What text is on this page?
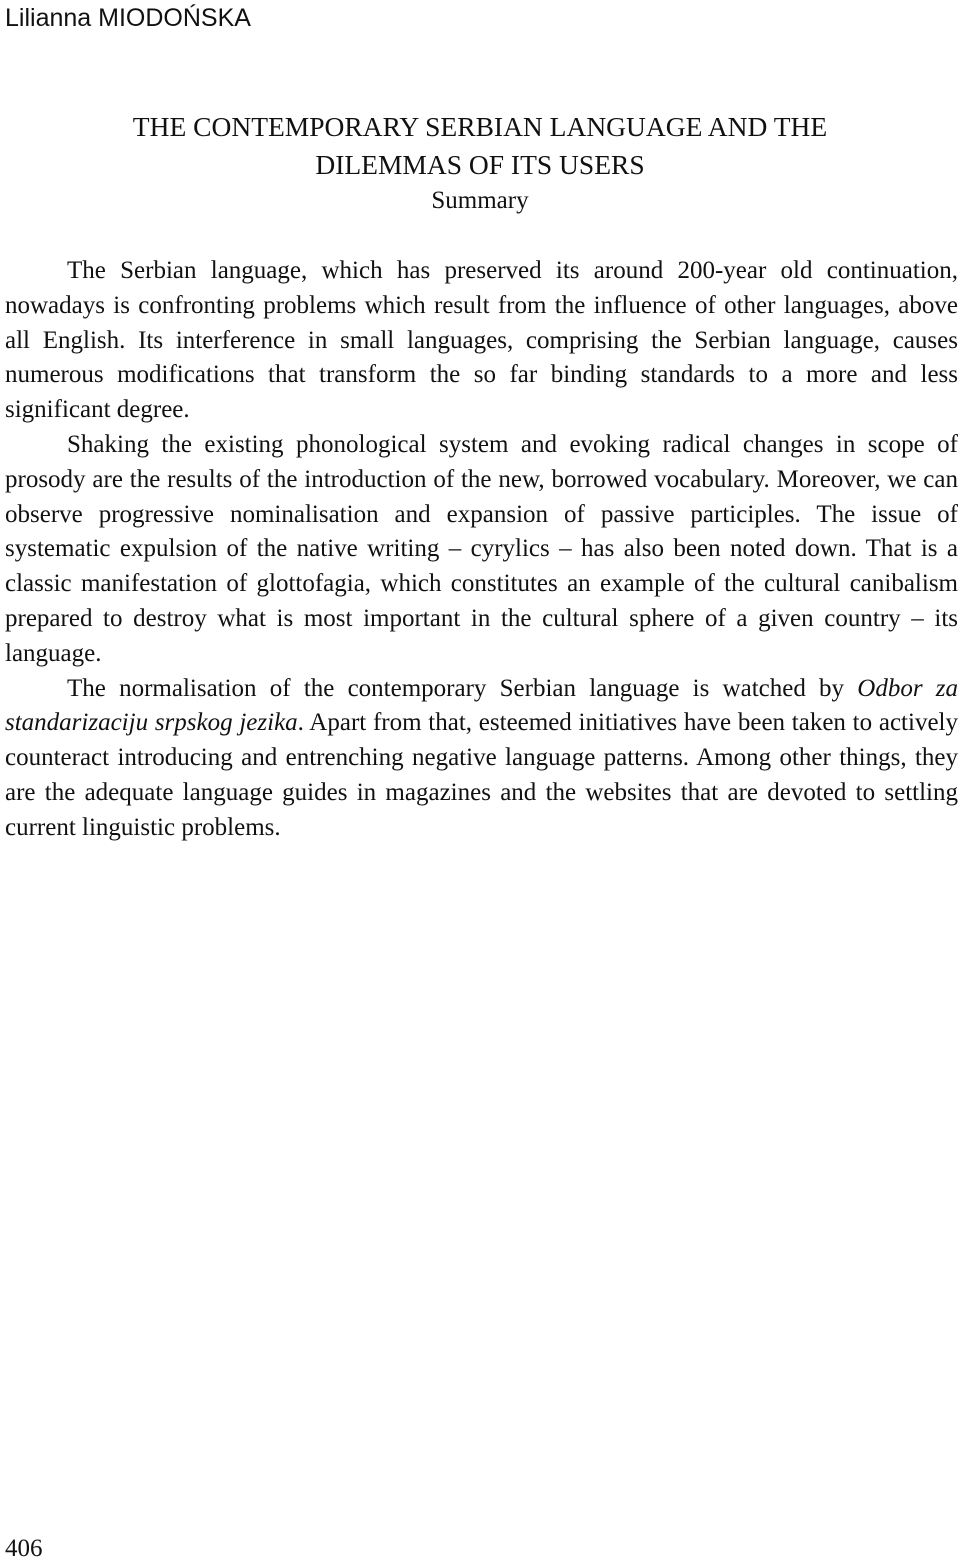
Lilianna MIODOŃSKA
THE CONTEMPORARY SERBIAN LANGUAGE AND THE
DILEMMAS OF ITS USERS
Summary

The Serbian language, which has preserved its around 200-year old continuation, nowadays is confronting problems which result from the influence of other languages, above all English. Its interference in small languages, comprising the Serbian language, causes numerous modifications that transform the so far binding standards to a more and less significant degree.

Shaking the existing phonological system and evoking radical changes in scope of prosody are the results of the introduction of the new, borrowed vocabulary. Moreover, we can observe progressive nominalisation and expansion of passive participles. The issue of systematic expulsion of the native writing – cyrylics – has also been noted down. That is a classic manifestation of glottofagia, which constitutes an example of the cultural canibalism prepared to destroy what is most important in the cultural sphere of a given country – its language.

The normalisation of the contemporary Serbian language is watched by Odbor za standarizaciju srpskog jezika. Apart from that, esteemed initiatives have been taken to actively counteract introducing and entrenching negative language patterns. Among other things, they are the adequate language guides in magazines and the websites that are devoted to settling current linguistic problems.

406
